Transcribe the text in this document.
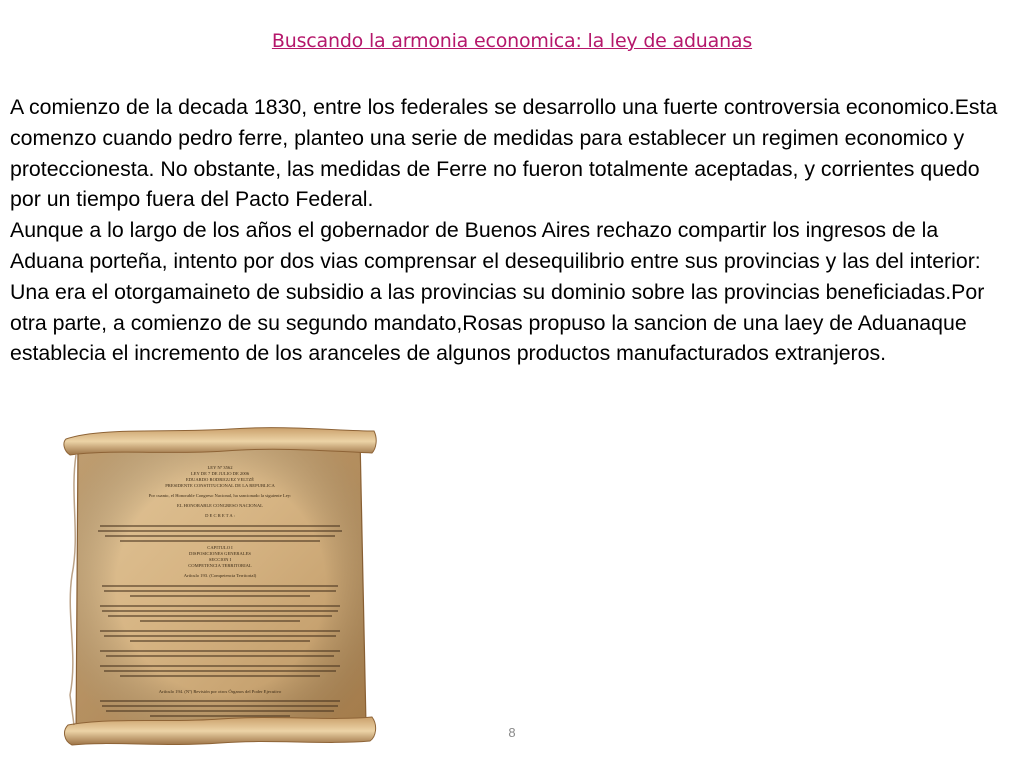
Buscando la armonia economica: la ley de aduanas

A comienzo de la decada 1830, entre los federales se desarrollo una fuerte controversia economico.Esta comenzo cuando pedro ferre, planteo una serie de medidas para establecer un regimen economico y proteccionesta. No obstante, las medidas de Ferre no fueron totalmente aceptadas, y corrientes quedo por un tiempo fuera del Pacto Federal.

Aunque a lo largo de los años el gobernador de Buenos Aires rechazo compartir los ingresos de la Aduana porteña, intento por dos vias comprensar el desequilibrio entre sus provincias y las del interior: Una era el otorgamaineto de subsidio a las provincias su dominio sobre las provincias beneficiadas.Por otra parte, a comienzo de su segundo mandato,Rosas propuso la sancion de una laey de Aduanaque establecia el incremento de los aranceles de algunos productos manufacturados extranjeros.

LEY Nº 3562
LEY DE 7 DE JULIO DE 2006
EDUARDO RODRIGUEZ VELTZÉ
PRESIDENTE CONSTITUCIONAL DE LA REPUBLICA
Por cuanto, el Honorable Congreso Nacional, ha sancionado la siguiente Ley:
EL HONORABLE CONGRESO NACIONAL
D E C R E T A :
CAPITULO I
DISPOSICIONES GENERALES
SECCION I
COMPETENCIA TERRITORIAL
Artículo 193. (Competencia Territorial)
Artículo 194. (Nº) Revisión por otros Órganos del Poder Ejecutivo
8
